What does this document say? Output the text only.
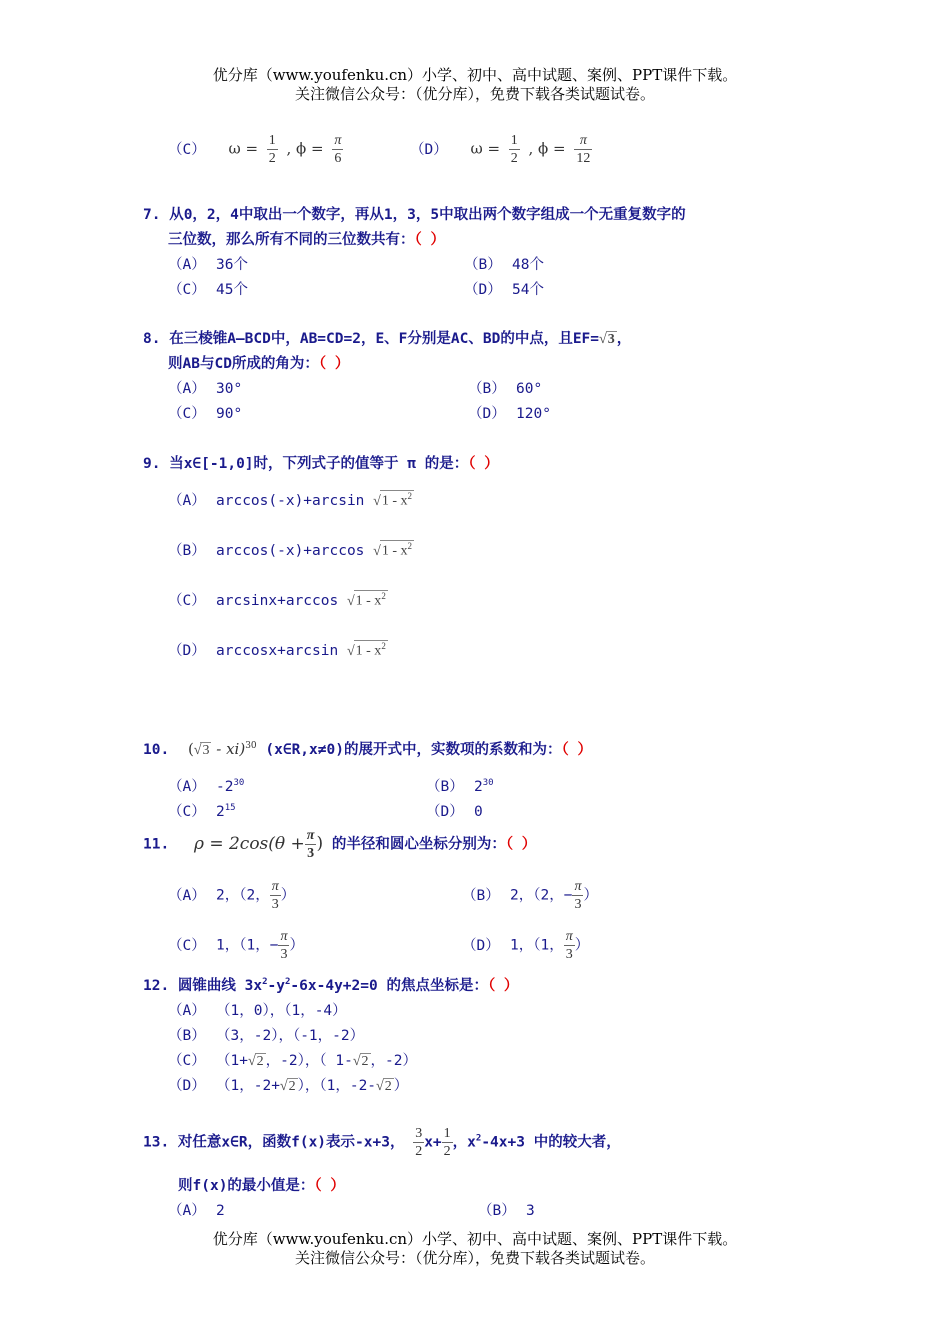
优分库（www.youfenku.cn）小学、初中、高中试题、案例、PPT课件下载。
关注微信公众号：（优分库），免费下载各类试题试卷。
（C） $\omega = \frac{1}{2}$ , $\phi = \frac{\pi}{6}$	（D） $\omega = \frac{1}{2}$ , $\phi = \frac{\pi}{12}$
7. 从0，2，4中取出一个数字，再从1，3，5中取出两个数字组成一个无重复数字的
三位数，那么所有不同的三位数共有：（ ）
（A） 36个	（B） 48个
（C） 45个	（D） 54个
8. 在三棱锥A—BCD中，AB=CD=2，E、F分别是AC、BD的中点，且EF=√3 ，
则AB与CD所成的角为：（ ）
（A） 30°	（B） 60°
（C） 90°	（D） 120°
9. 当x∈[-1,0]时，下列式子的值等于 π 的是：（ ）
（A） arccos(-x)+arcsin $√1 - x^2$
（B） arccos(-x)+arccos $√1 - x^2$
（C） arcsinx+arccos $√1 - x^2$
（D） arccosx+arcsin $√1 - x^2$
10. (√3 - xi)$^{30}$ (x∈R,x≠0)的展开式中，实数项的系数和为：（ ）
（A） $-2^{30}$	（B） $2^{30}$
（C） $2^{15}$	（D） 0
11. $\rho = 2\cos(\theta + \frac{\pi}{3}$ ) 的半径和圆心坐标分别为：（ ）
（A） 2，（2， $\frac{\pi}{3}$ ）	（B） 2，（2，− $\frac{\pi}{3}$ ）
（C） 1，（1，− $\frac{\pi}{3}$ ）	（D） 1，（1， $\frac{\pi}{3}$ ）
12. 圆锥曲线 $3x^2-y^2-6x-4y+2=0$ 的焦点坐标是：（ ）
（A） （1，0），（1，-4）
（B） （3，-2），（-1，-2）
（C） （1+√2 ，-2），（ 1-√2 ，-2）
（D） （1，-2+√2 ），（1，-2-√2 ）
13. 对任意x∈R，函数f(x)表示-x+3， $\frac{3}{2} x+ \frac{1}{2}$ ，$x^2-4x+3$ 中的较大者，
则f(x)的最小值是：（ ）
（A） 2	（B） 3
优分库（www.youfenku.cn）小学、初中、高中试题、案例、PPT课件下载。
关注微信公众号：（优分库），免费下载各类试题试卷。
